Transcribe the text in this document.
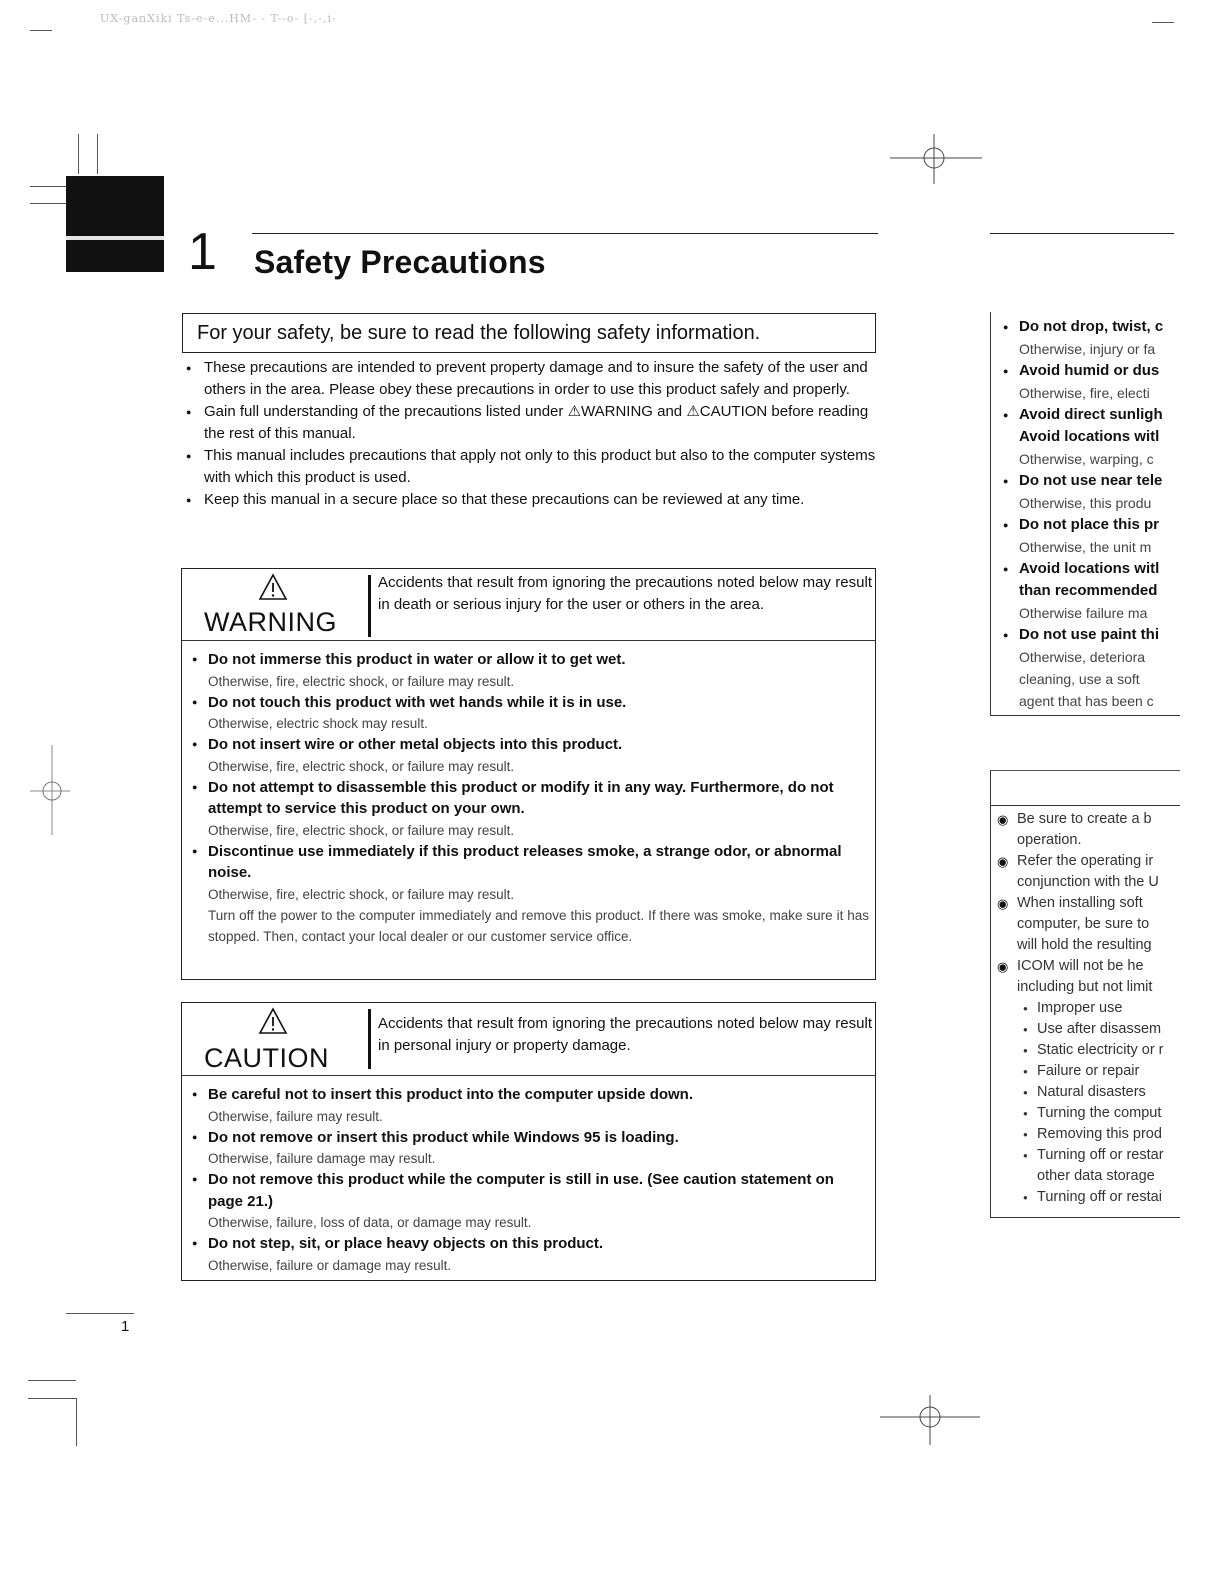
UX-ganXiki Ts-e-e...HM- - T--o- [-,-,i-
1 Safety Precautions
For your safety, be sure to read the following safety information.
● These precautions are intended to prevent property damage and to insure the safety of the user and others in the area. Please obey these precautions in order to use this product safely and properly.
● Gain full understanding of the precautions listed under ⚠WARNING and ⚠CAUTION before reading the rest of this manual.
● This manual includes precautions that apply not only to this product but also to the computer systems with which this product is used.
● Keep this manual in a secure place so that these precautions can be reviewed at any time.
WARNING
Accidents that result from ignoring the precautions noted below may result in death or serious injury for the user or others in the area.
● Do not immerse this product in water or allow it to get wet.
Otherwise, fire, electric shock, or failure may result.
● Do not touch this product with wet hands while it is in use.
Otherwise, electric shock may result.
● Do not insert wire or other metal objects into this product.
Otherwise, fire, electric shock, or failure may result.
● Do not attempt to disassemble this product or modify it in any way. Furthermore, do not attempt to service this product on your own.
Otherwise, fire, electric shock, or failure may result.
● Discontinue use immediately if this product releases smoke, a strange odor, or abnormal noise.
Otherwise, fire, electric shock, or failure may result.
Turn off the power to the computer immediately and remove this product. If there was smoke, make sure it has stopped. Then, contact your local dealer or our customer service office.
CAUTION
Accidents that result from ignoring the precautions noted below may result in personal injury or property damage.
● Be careful not to insert this product into the computer upside down.
Otherwise, failure may result.
● Do not remove or insert this product while Windows 95 is loading.
Otherwise, failure damage may result.
● Do not remove this product while the computer is still in use. (See caution statement on page 21.)
Otherwise, failure, loss of data, or damage may result.
● Do not step, sit, or place heavy objects on this product.
Otherwise, failure or damage may result.
● Do not drop, twist, c
Otherwise, injury or fa
● Avoid humid or dus
Otherwise, fire, electi
● Avoid direct sunligh
Avoid locations witl
Otherwise, warping, c
● Do not use near tele
Otherwise, this produ
● Do not place this pr
Otherwise, the unit m
● Avoid locations witl
than recommended
Otherwise failure ma
● Do not use paint thi
Otherwise, deteriora
cleaning, use a soft
agent that has been c
◉ Be sure to create a b
operation.
◉ Refer the operating ir
conjunction with the U
◉ When installing soft
computer, be sure to
will hold the resulting
◉ ICOM will not be he
including but not limit
● Improper use
● Use after disassem
● Static electricity or r
● Failure or repair
● Natural disasters
● Turning the comput
● Removing this prod
● Turning off or restar
other data storage
● Turning off or restai
1
